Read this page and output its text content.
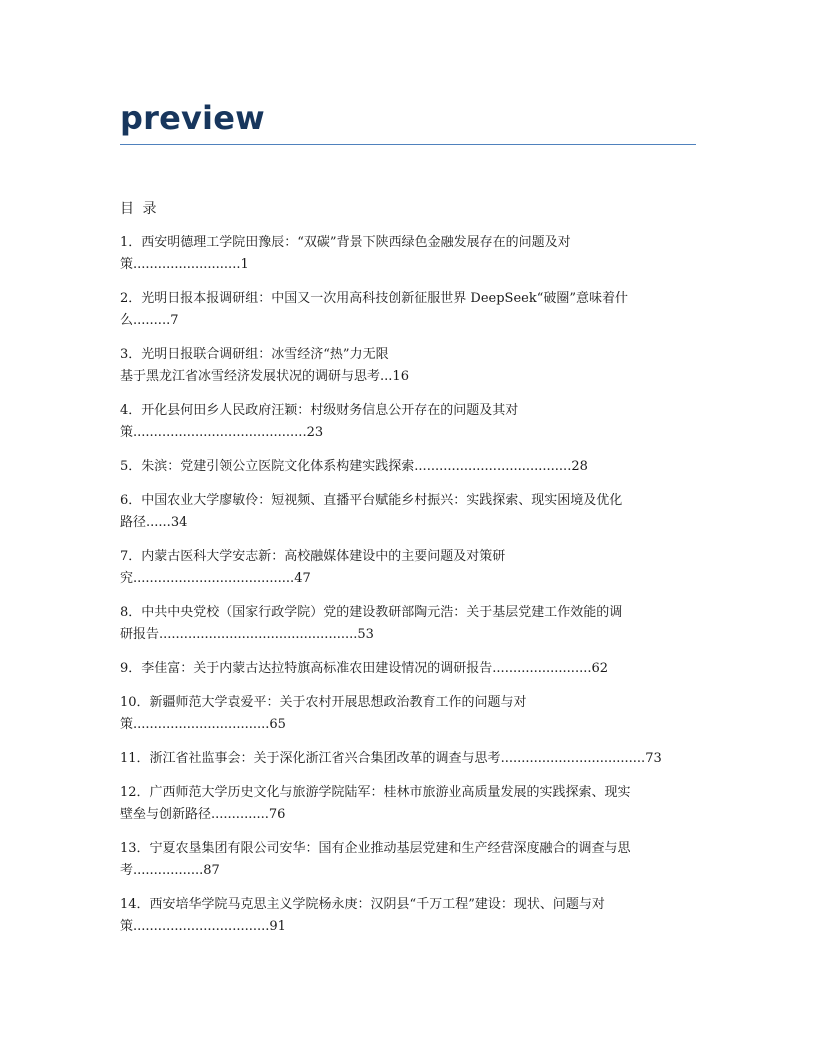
preview
目 录
1．西安明德理工学院田豫辰：“双碳”背景下陕西绿色金融发展存在的问题及对
策..........................1
2．光明日报本报调研组：中国又一次用高科技创新征服世界 DeepSeek“破圈”意味着什
么.........7
3．光明日报联合调研组：冰雪经济“热”力无限
基于黑龙江省冰雪经济发展状况的调研与思考...16
4．开化县何田乡人民政府汪颖：村级财务信息公开存在的问题及其对
策..........................................23
5．朱滨：党建引领公立医院文化体系构建实践探索......................................28
6．中国农业大学廖敏伶：短视频、直播平台赋能乡村振兴：实践探索、现实困境及优化
路径......34
7．内蒙古医科大学安志新：高校融媒体建设中的主要问题及对策研
究.......................................47
8．中共中央党校（国家行政学院）党的建设教研部陶元浩：关于基层党建工作效能的调
研报告................................................53
9．李佳富：关于内蒙古达拉特旗高标准农田建设情况的调研报告........................62
10．新疆师范大学袁爱平：关于农村开展思想政治教育工作的问题与对
策.................................65
11．浙江省社监事会：关于深化浙江省兴合集团改革的调查与思考...................................73
12．广西师范大学历史文化与旅游学院陆军：桂林市旅游业高质量发展的实践探索、现实
壁垒与创新路径..............76
13．宁夏农垦集团有限公司安华：国有企业推动基层党建和生产经营深度融合的调查与思
考.................87
14．西安培华学院马克思主义学院杨永庚：汉阴县“千万工程”建设：现状、问题与对
策.................................91
